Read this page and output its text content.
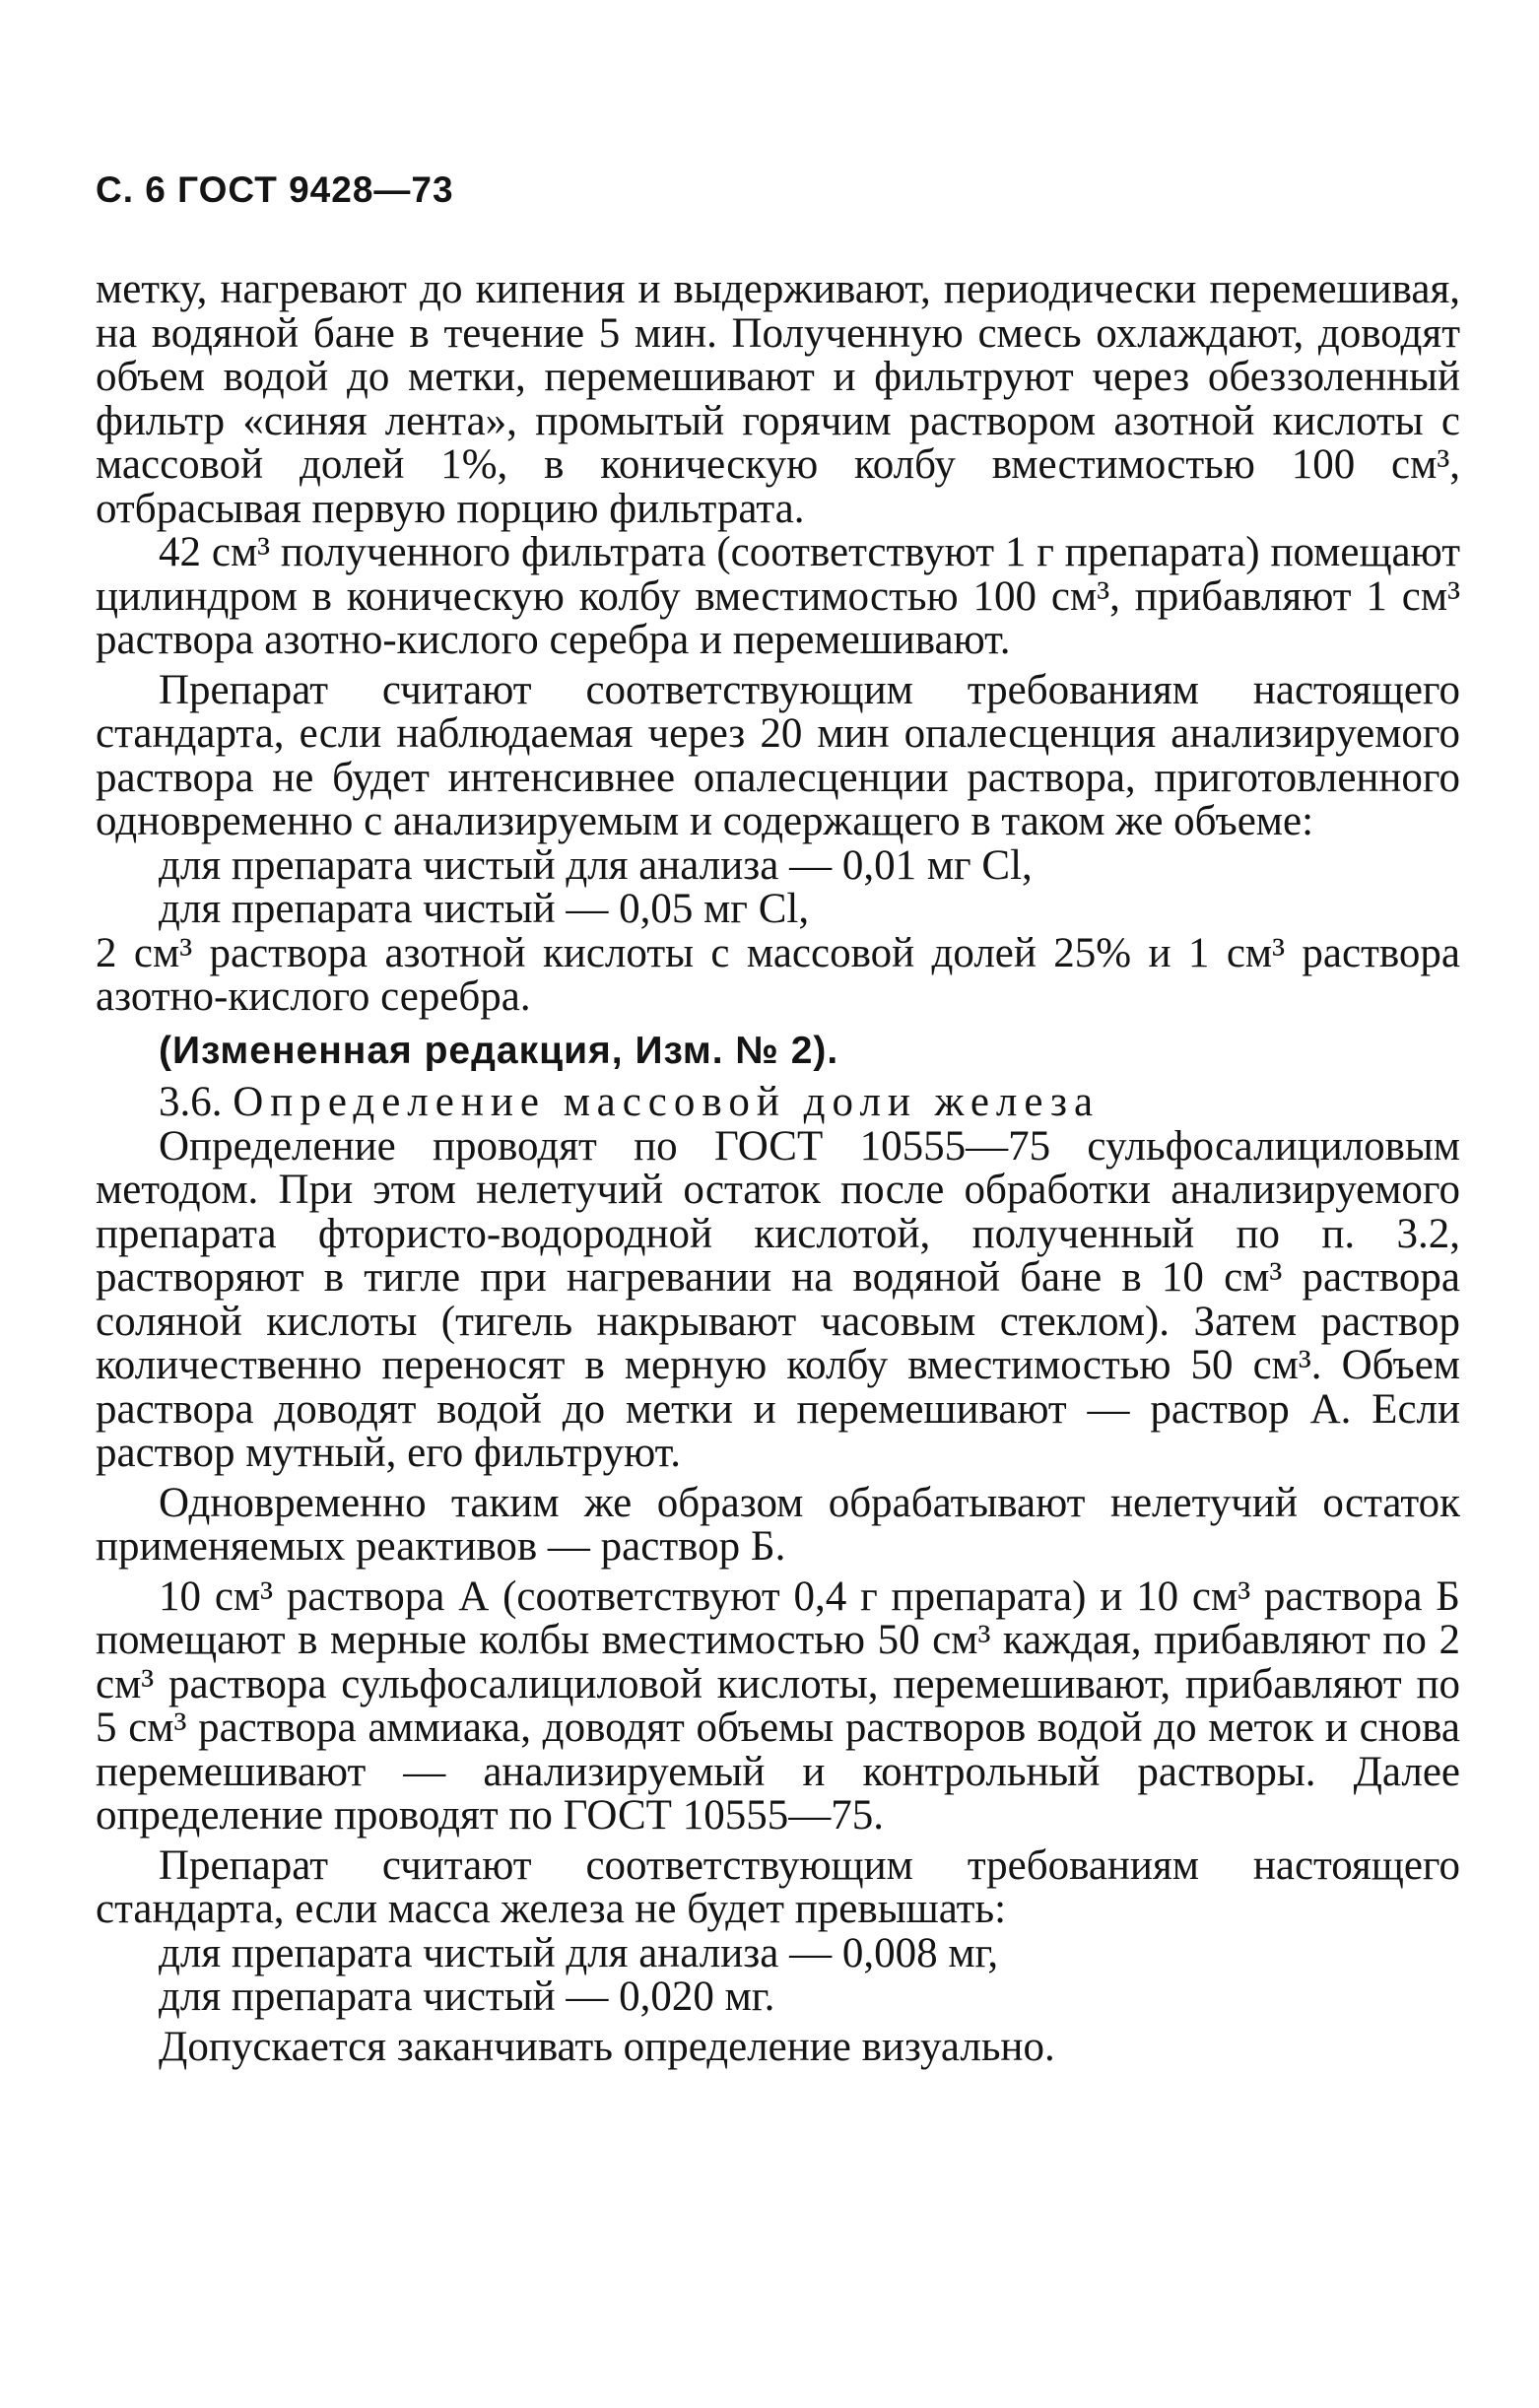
С. 6 ГОСТ 9428—73

метку, нагревают до кипения и выдерживают, периодически перемешивая, на водяной бане в течение 5 мин. Полученную смесь охлаждают, доводят объем водой до метки, перемешивают и фильтруют через обеззоленный фильтр «синяя лента», промытый горячим раствором азотной кислоты с массовой долей 1%, в коническую колбу вместимостью 100 см³, отбрасывая первую порцию фильтрата.

42 см³ полученного фильтрата (соответствуют 1 г препарата) помещают цилиндром в коническую колбу вместимостью 100 см³, прибавляют 1 см³ раствора азотно-кислого серебра и перемешивают.

Препарат считают соответствующим требованиям настоящего стандарта, если наблюдаемая через 20 мин опалесценция анализируемого раствора не будет интенсивнее опалесценции раствора, приготовленного одновременно с анализируемым и содержащего в таком же объеме:

для препарата чистый для анализа — 0,01 мг Cl,

для препарата чистый — 0,05 мг Cl,

2 см³ раствора азотной кислоты с массовой долей 25% и 1 см³ раствора азотно-кислого серебра.

(Измененная редакция, Изм. № 2).

3.6. Определение массовой доли железа

Определение проводят по ГОСТ 10555—75 сульфосалициловым методом. При этом нелетучий остаток после обработки анализируемого препарата фтористо-водородной кислотой, полученный по п. 3.2, растворяют в тигле при нагревании на водяной бане в 10 см³ раствора соляной кислоты (тигель накрывают часовым стеклом). Затем раствор количественно переносят в мерную колбу вместимостью 50 см³. Объем раствора доводят водой до метки и перемешивают — раствор А. Если раствор мутный, его фильтруют.

Одновременно таким же образом обрабатывают нелетучий остаток применяемых реактивов — раствор Б.

10 см³ раствора А (соответствуют 0,4 г препарата) и 10 см³ раствора Б помещают в мерные колбы вместимостью 50 см³ каждая, прибавляют по 2 см³ раствора сульфосалициловой кислоты, перемешивают, прибавляют по 5 см³ раствора аммиака, доводят объемы растворов водой до меток и снова перемешивают — анализируемый и контрольный растворы. Далее определение проводят по ГОСТ 10555—75.

Препарат считают соответствующим требованиям настоящего стандарта, если масса железа не будет превышать:

для препарата чистый для анализа — 0,008 мг,

для препарата чистый — 0,020 мг.

Допускается заканчивать определение визуально.
